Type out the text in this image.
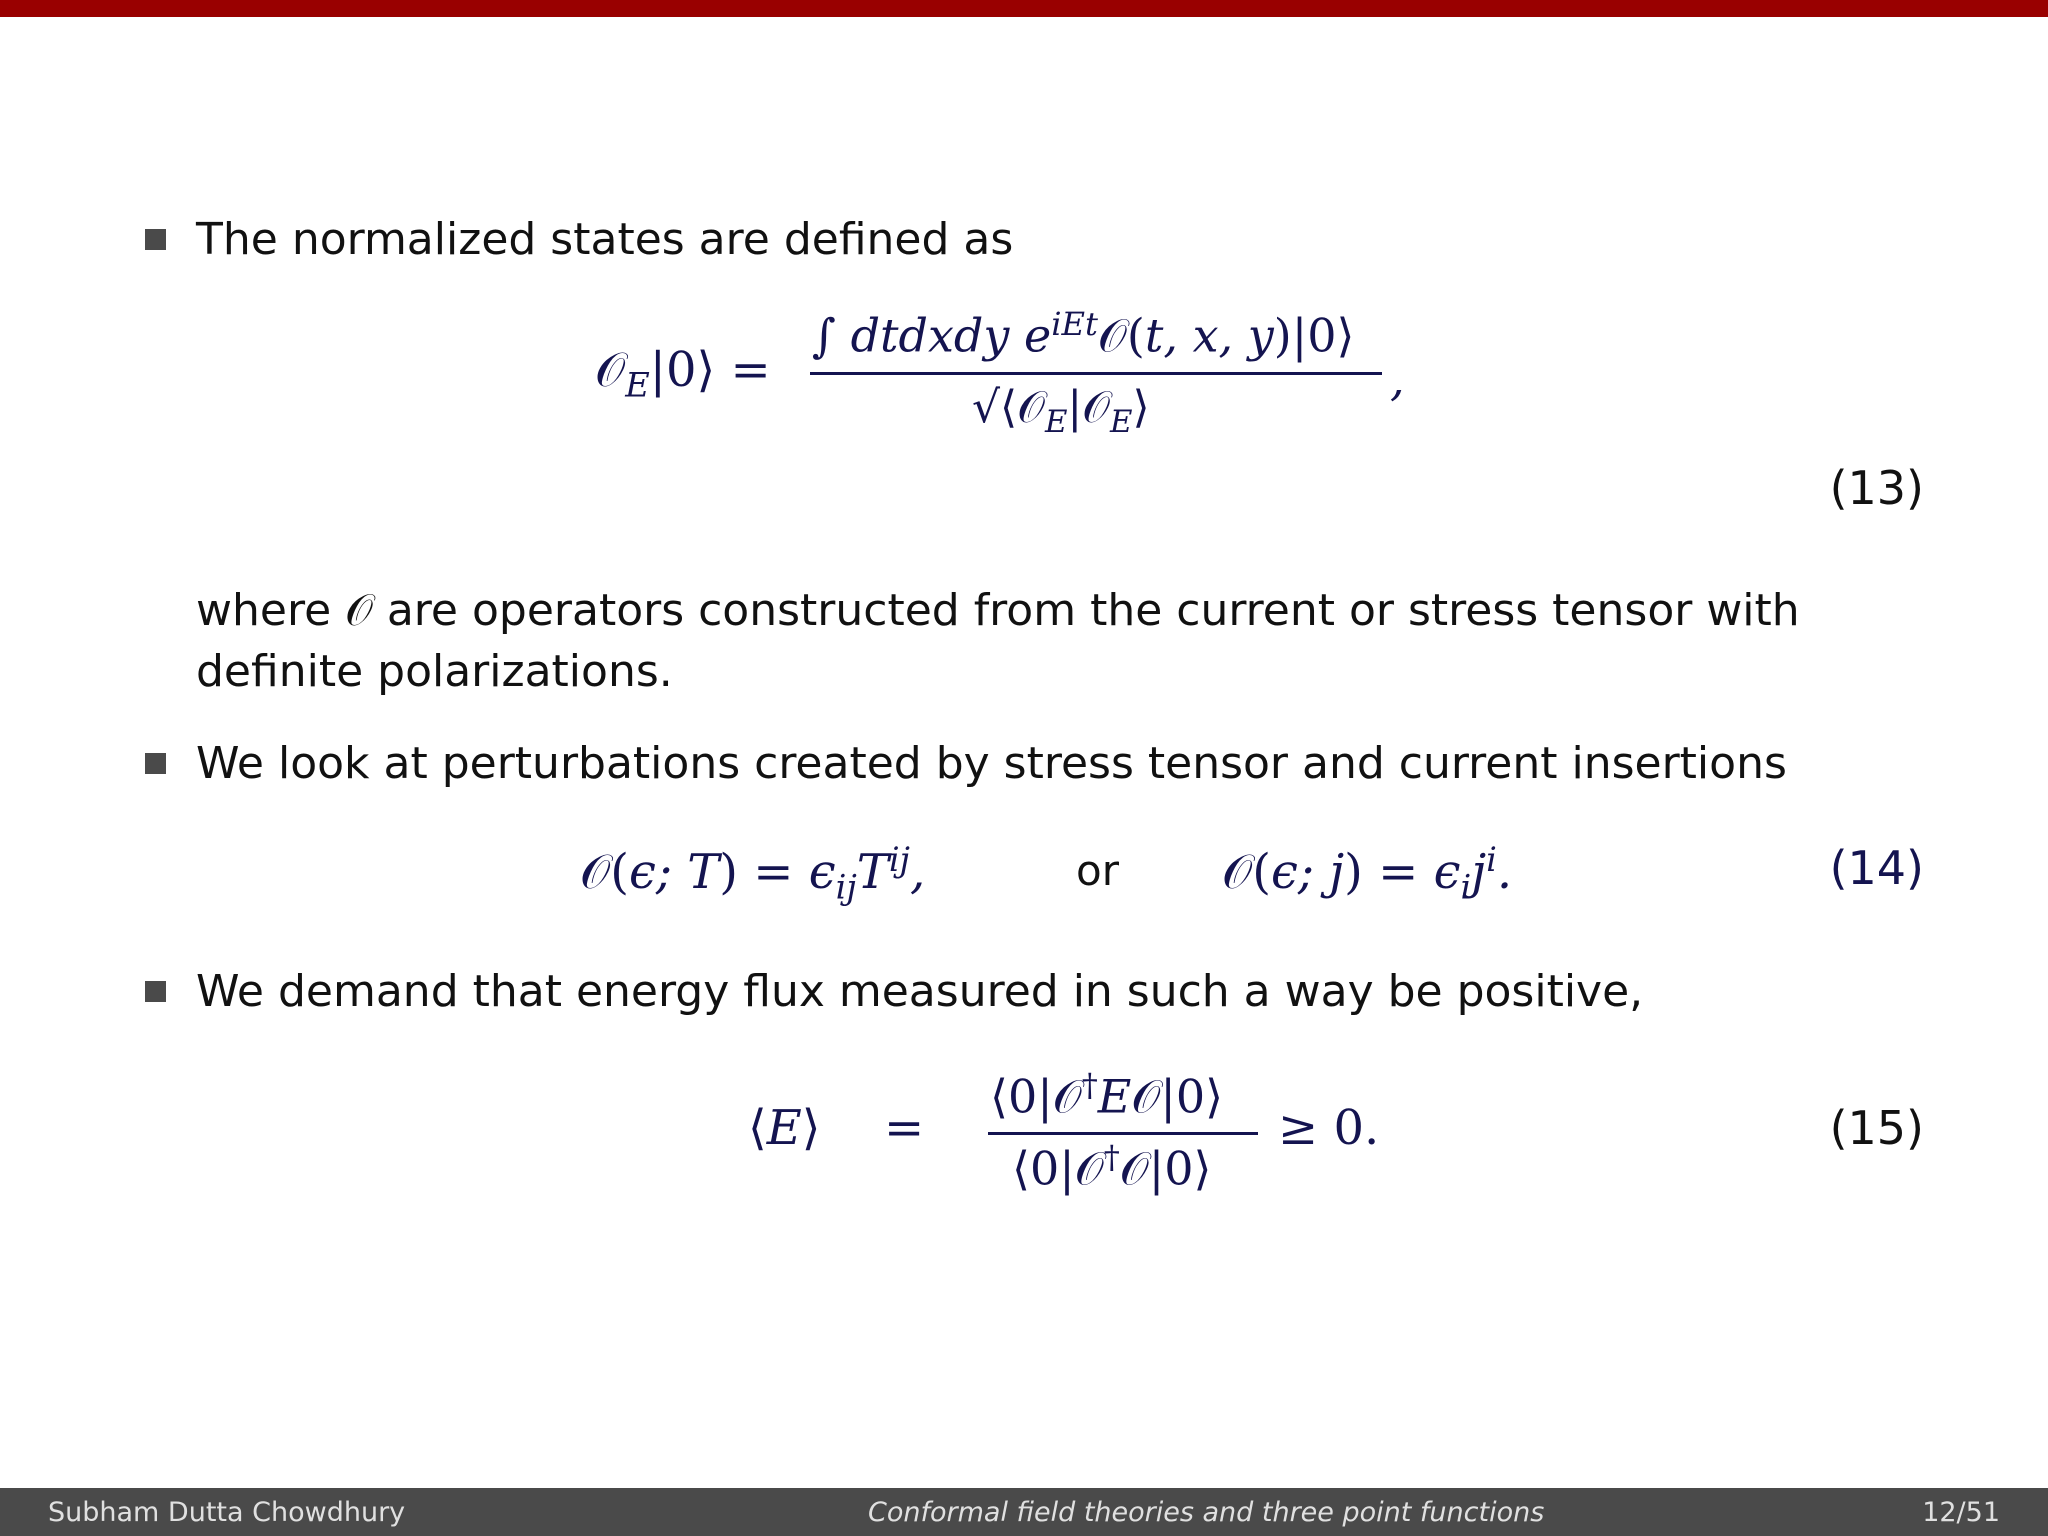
The normalized states are defined as
𝒪$_E$|0⟩ =
∫ dtdxdy $e^{iEt}𝒪(t$, x, y)|0⟩
√⟨𝒪$_E$|𝒪$_E$⟩
,
(13)
where 𝒪 are operators constructed from the current or stress tensor with
definite polarizations.
We look at perturbations created by stress tensor and current insertions
𝒪(ϵ; $T) = \epsilon_{ij}T^{ij}$,	or 𝒪(ϵ; $j) = \epsilon_ij^i$.	(14)
We demand that energy flux measured in such a way be positive,
⟨E⟩ =
⟨0|𝒪†E𝒪|0⟩
⟨0|𝒪†𝒪|0⟩
≥ 0.	(15)
Subham Dutta Chowdhury	Conformal field theories and three point functions	12/51
